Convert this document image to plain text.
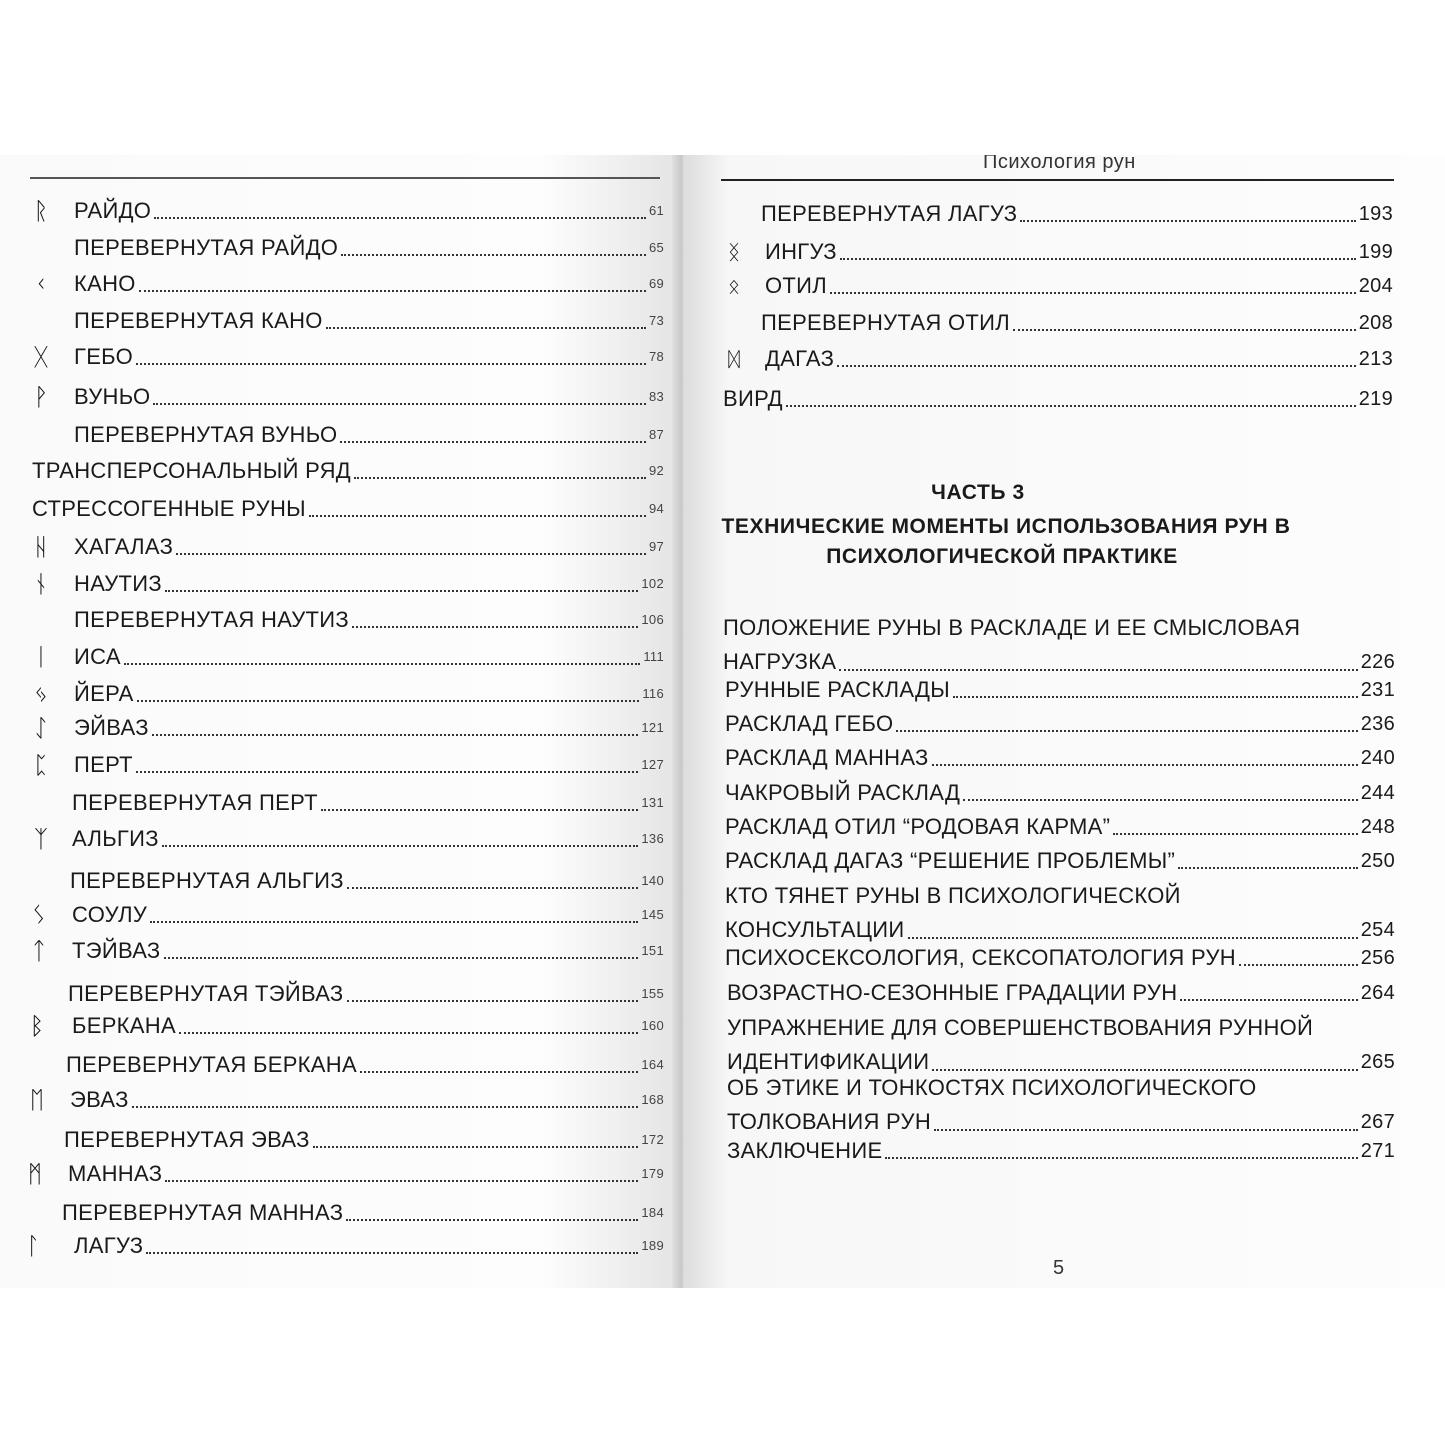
ᚱ	РАЙДО	61
ПЕРЕВЕРНУТАЯ РАЙДО	65
ᚲ	КАНО	69
ПЕРЕВЕРНУТАЯ КАНО	73
ᚷ	ГЕБО	78
ᚹ	ВУНЬО	83
ПЕРЕВЕРНУТАЯ ВУНЬО	87
ТРАНСПЕРСОНАЛЬНЫЙ РЯД	92
СТРЕССОГЕННЫЕ РУНЫ	94
ᚺ	ХАГАЛАЗ	97
ᚾ	НАУТИЗ	102
ПЕРЕВЕРНУТАЯ НАУТИЗ	106
ᛁ	ИСА	111
ᛃ	ЙЕРА	116
ᛇ	ЭЙВАЗ	121
ᛈ	ПЕРТ	127
ПЕРЕВЕРНУТАЯ ПЕРТ	131
ᛉ	АЛЬГИЗ	136
ПЕРЕВЕРНУТАЯ АЛЬГИЗ	140
ᛊ	СОУЛУ	145
ᛏ	ТЭЙВАЗ	151
ПЕРЕВЕРНУТАЯ ТЭЙВАЗ	155
ᛒ	БЕРКАНА	160
ПЕРЕВЕРНУТАЯ БЕРКАНА	164
ᛖ	ЭВАЗ	168
ПЕРЕВЕРНУТАЯ ЭВАЗ	172
ᛗ	МАННАЗ	179
ПЕРЕВЕРНУТАЯ МАННАЗ	184
ᛚ	ЛАГУЗ	189
Психология рун
ПЕРЕВЕРНУТАЯ ЛАГУЗ	193
ᛝ	ИНГУЗ	199
ᛟ	ОТИЛ	204
ПЕРЕВЕРНУТАЯ ОТИЛ	208
ᛞ	ДАГАЗ	213
ВИРД	219
ЧАСТЬ 3
ТЕХНИЧЕСКИЕ МОМЕНТЫ ИСПОЛЬЗОВАНИЯ РУН В
ПСИХОЛОГИЧЕСКОЙ ПРАКТИКЕ
ПОЛОЖЕНИЕ РУНЫ В РАСКЛАДЕ И ЕЕ СМЫСЛОВАЯ
НАГРУЗКА	226
РУННЫЕ РАСКЛАДЫ	231
РАСКЛАД ГЕБО	236
РАСКЛАД МАННАЗ	240
ЧАКРОВЫЙ РАСКЛАД	244
РАСКЛАД ОТИЛ “РОДОВАЯ КАРМА”	248
РАСКЛАД ДАГАЗ “РЕШЕНИЕ ПРОБЛЕМЫ”	250
КТО ТЯНЕТ РУНЫ В ПСИХОЛОГИЧЕСКОЙ
КОНСУЛЬТАЦИИ	254
ПСИХОСЕКСОЛОГИЯ, СЕКСОПАТОЛОГИЯ РУН	256
ВОЗРАСТНО-СЕЗОННЫЕ ГРАДАЦИИ РУН	264
УПРАЖНЕНИЕ ДЛЯ СОВЕРШЕНСТВОВАНИЯ РУННОЙ
ИДЕНТИФИКАЦИИ	265
ОБ ЭТИКЕ И ТОНКОСТЯХ ПСИХОЛОГИЧЕСКОГО
ТОЛКОВАНИЯ РУН	267
ЗАКЛЮЧЕНИЕ	271
5
